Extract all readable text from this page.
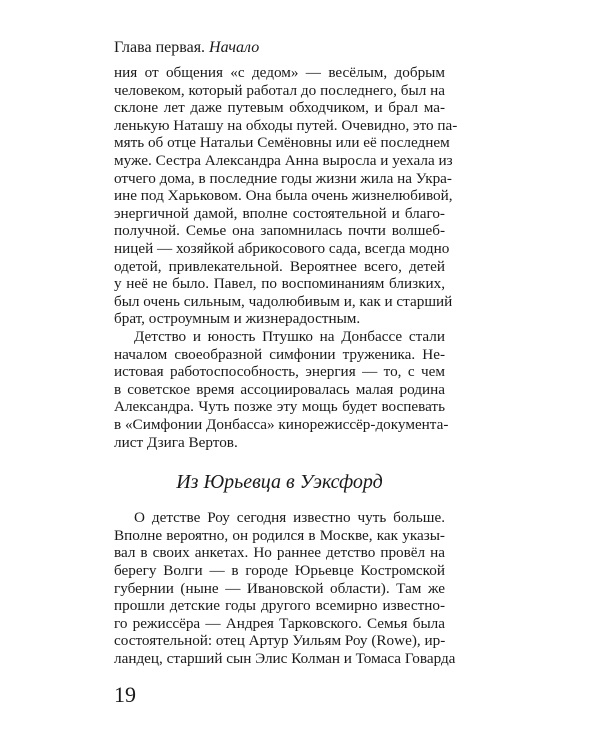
Глава первая. Начало
ния от общения «с дедом» — весёлым, добрым
человеком, который работал до последнего, был на
склоне лет даже путевым обходчиком, и брал ма-
ленькую Наташу на обходы путей. Очевидно, это па-
мять об отце Натальи Семёновны или её последнем
муже. Сестра Александра Анна выросла и уехала из
отчего дома, в последние годы жизни жила на Укра-
ине под Харьковом. Она была очень жизнелюбивой,
энергичной дамой, вполне состоятельной и благо-
получной. Семье она запомнилась почти волшеб-
ницей — хозяйкой абрикосового сада, всегда модно
одетой, привлекательной. Вероятнее всего, детей
у неё не было. Павел, по воспоминаниям близких,
был очень сильным, чадолюбивым и, как и старший
брат, остроумным и жизнерадостным.
Детство и юность Птушко на Донбассе стали
началом своеобразной симфонии труженика. Не-
истовая работоспособность, энергия — то, с чем
в советское время ассоциировалась малая родина
Александра. Чуть позже эту мощь будет воспевать
в «Симфонии Донбасса» кинорежиссёр-документа-
лист Дзига Вертов.
Из Юрьевца в Уэксфорд
О детстве Роу сегодня известно чуть больше.
Вполне вероятно, он родился в Москве, как указы-
вал в своих анкетах. Но раннее детство провёл на
берегу Волги — в городе Юрьевце Костромской
губернии (ныне — Ивановской области). Там же
прошли детские годы другого всемирно известно-
го режиссёра — Андрея Тарковского. Семья была
состоятельной: отец Артур Уильям Роу (Rowe), ир-
ландец, старший сын Элис Колман и Томаса Говарда
19
